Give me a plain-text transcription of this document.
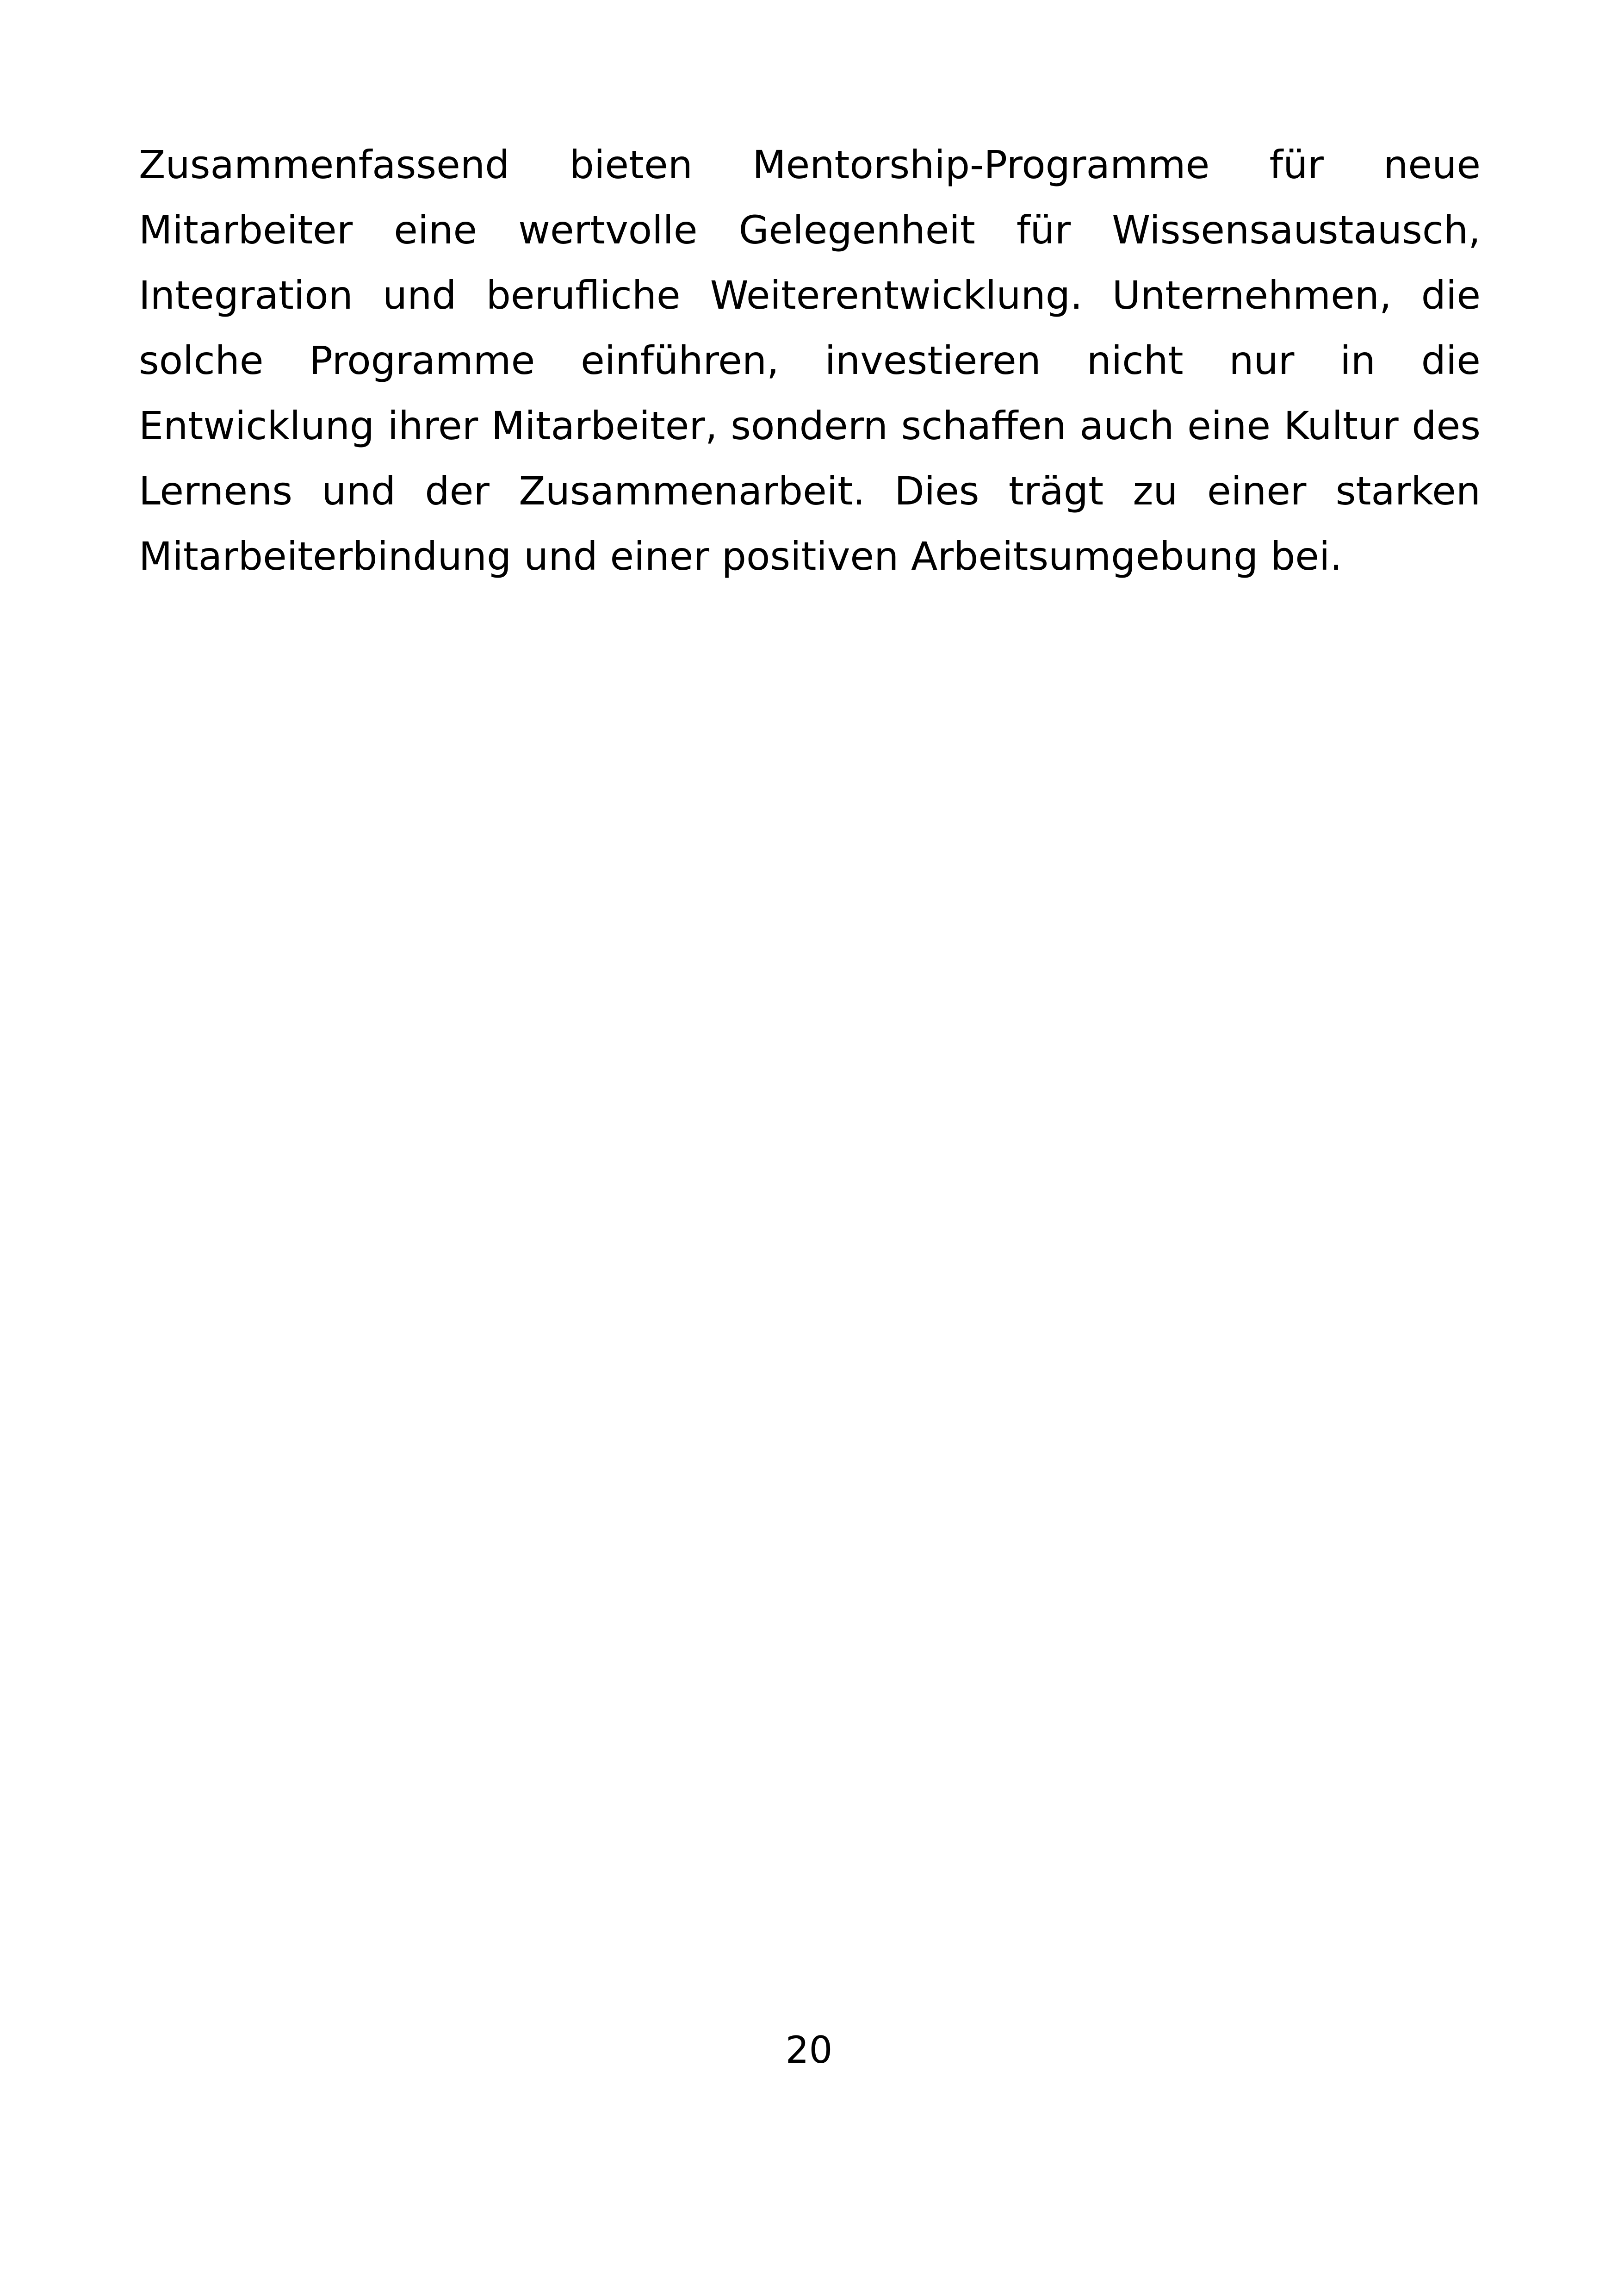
Zusammenfassend bieten Mentorship-Programme für neue Mitarbeiter eine wertvolle Gelegenheit für Wissensaustausch, Integration und berufliche Weiterentwicklung. Unternehmen, die solche Programme einführen, investieren nicht nur in die Entwicklung ihrer Mitarbeiter, sondern schaffen auch eine Kultur des Lernens und der Zusammenarbeit. Dies trägt zu einer starken Mitarbeiterbindung und einer positiven Arbeitsumgebung bei.

20
